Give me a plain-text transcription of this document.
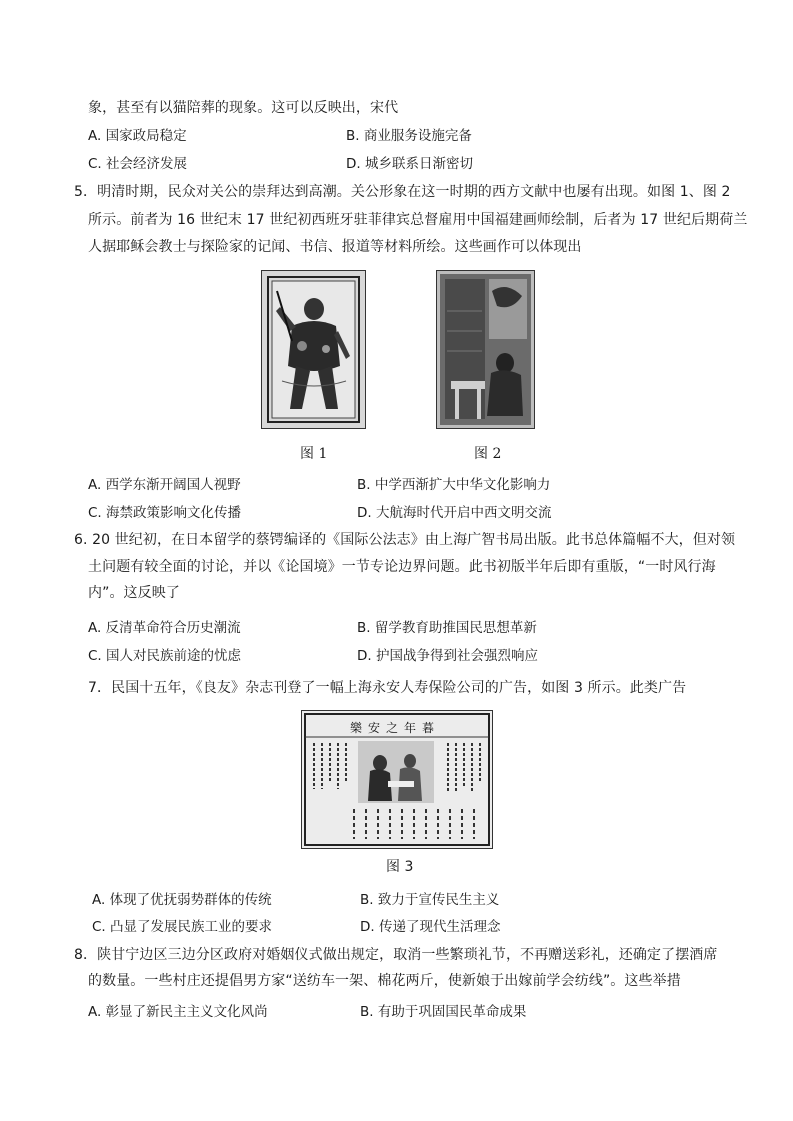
象，甚至有以猫陪葬的现象。这可以反映出，宋代
A. 国家政局稳定	B. 商业服务设施完备
C. 社会经济发展	D. 城乡联系日渐密切
5．明清时期，民众对关公的崇拜达到高潮。关公形象在这一时期的西方文献中也屡有出现。如图 1、图 2
所示。前者为 16 世纪末 17 世纪初西班牙驻菲律宾总督雇用中国福建画师绘制，后者为 17 世纪后期荷兰
人据耶稣会教士与探险家的记闻、书信、报道等材料所绘。这些画作可以体现出
图 1	图 2
A. 西学东渐开阔国人视野	B. 中学西渐扩大中华文化影响力
C. 海禁政策影响文化传播	D. 大航海时代开启中西文明交流
6. 20 世纪初，在日本留学的蔡锷编译的《国际公法志》由上海广智书局出版。此书总体篇幅不大，但对领
土问题有较全面的讨论，并以《论国境》一节专论边界问题。此书初版半年后即有重版，“一时风行海
内”。这反映了
A. 反清革命符合历史潮流	B. 留学教育助推国民思想革新
C. 国人对民族前途的忧虑	D. 护国战争得到社会强烈响应
7．民国十五年，《良友》杂志刊登了一幅上海永安人寿保险公司的广告，如图 3 所示。此类广告
樂安之年暮
图 3
A. 体现了优抚弱势群体的传统	B. 致力于宣传民生主义
C. 凸显了发展民族工业的要求	D. 传递了现代生活理念
8．陕甘宁边区三边分区政府对婚姻仪式做出规定，取消一些繁琐礼节，不再赠送彩礼，还确定了摆酒席
的数量。一些村庄还提倡男方家“送纺车一架、棉花两斤，使新娘于出嫁前学会纺线”。这些举措
A. 彰显了新民主主义文化风尚	B. 有助于巩固国民革命成果
